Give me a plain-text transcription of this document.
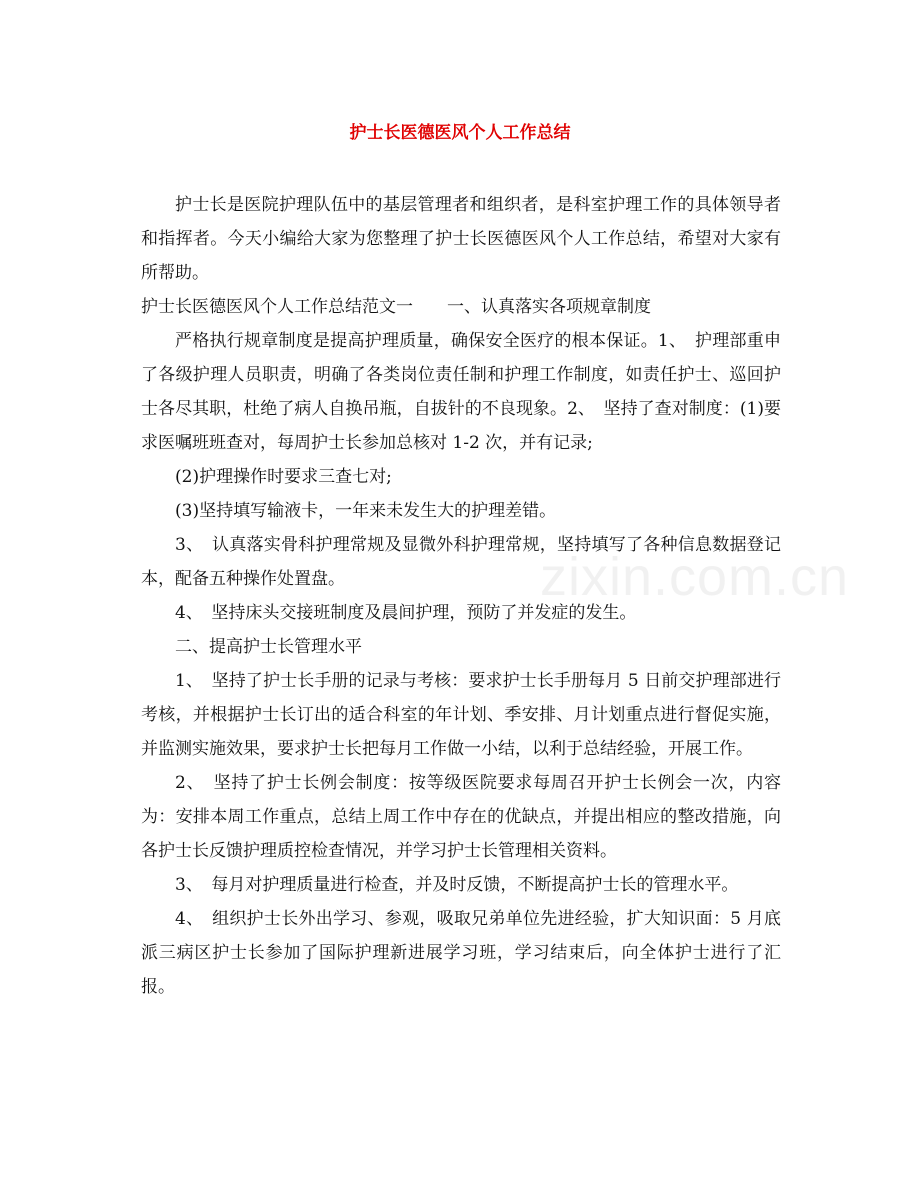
zixin.com.cn
护士长医德医风个人工作总结

护士长是医院护理队伍中的基层管理者和组织者，是科室护理工作的具体领导者和指挥者。今天小编给大家为您整理了护士长医德医风个人工作总结，希望对大家有所帮助。

护士长医德医风个人工作总结范文一　　一、认真落实各项规章制度

严格执行规章制度是提高护理质量，确保安全医疗的根本保证。1、　护理部重申了各级护理人员职责，明确了各类岗位责任制和护理工作制度，如责任护士、巡回护士各尽其职，杜绝了病人自换吊瓶，自拔针的不良现象。2、　坚持了查对制度：(1)要求医嘱班班查对，每周护士长参加总核对 1-2 次，并有记录;

(2)护理操作时要求三查七对;

(3)坚持填写输液卡，一年来未发生大的护理差错。

3、　认真落实骨科护理常规及显微外科护理常规，坚持填写了各种信息数据登记本，配备五种操作处置盘。

4、　坚持床头交接班制度及晨间护理，预防了并发症的发生。

二、提高护士长管理水平

1、　坚持了护士长手册的记录与考核：要求护士长手册每月 5 日前交护理部进行考核，并根据护士长订出的适合科室的年计划、季安排、月计划重点进行督促实施，并监测实施效果，要求护士长把每月工作做一小结，以利于总结经验，开展工作。

2、　坚持了护士长例会制度：按等级医院要求每周召开护士长例会一次，内容为：安排本周工作重点，总结上周工作中存在的优缺点，并提出相应的整改措施，向各护士长反馈护理质控检查情况，并学习护士长管理相关资料。

3、　每月对护理质量进行检查，并及时反馈，不断提高护士长的管理水平。

4、　组织护士长外出学习、参观，吸取兄弟单位先进经验，扩大知识面：5 月底派三病区护士长参加了国际护理新进展学习班，学习结束后，向全体护士进行了汇报。
